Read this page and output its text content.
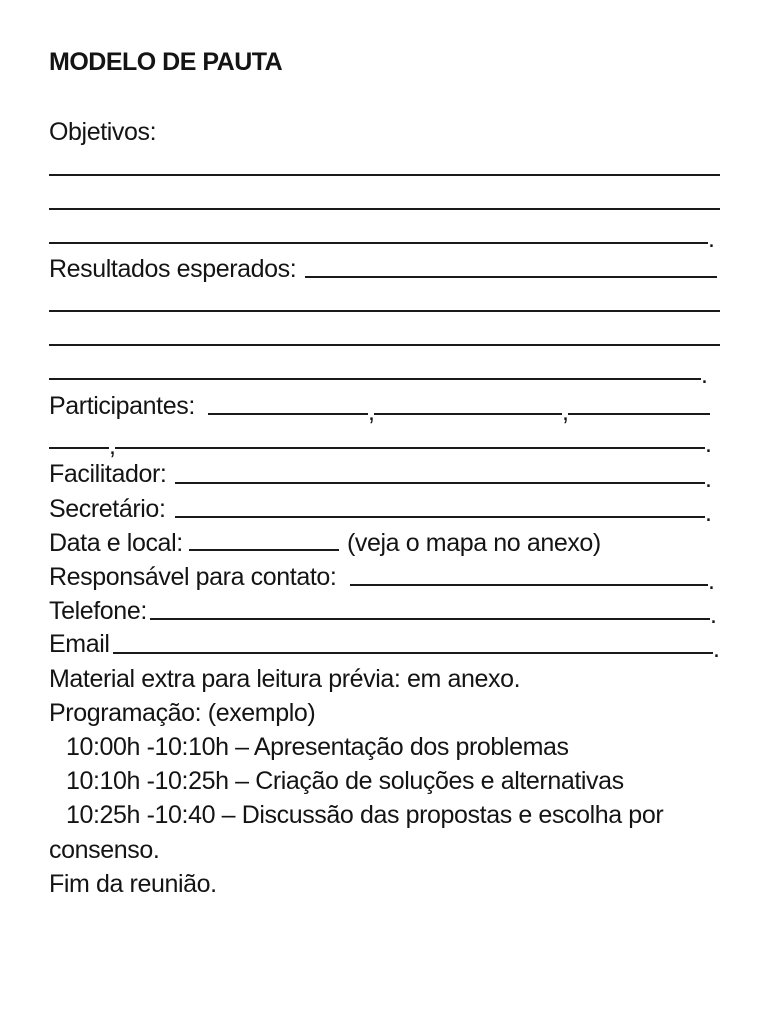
MODELO DE PAUTA
Objetivos:
.
Resultados esperados:
.
Participantes:	,	,
,	.
Facilitador:	.
Secretário:	.
Data e local:	(veja o mapa no anexo)
Responsável para contato:	.
Telefone:	.
Email	.
Material extra para leitura prévia: em anexo.
Programação: (exemplo)
10:00h -10:10h – Apresentação dos problemas
10:10h -10:25h – Criação de soluções e alternativas
10:25h -10:40 – Discussão das propostas e escolha por
consenso.
Fim da reunião.
